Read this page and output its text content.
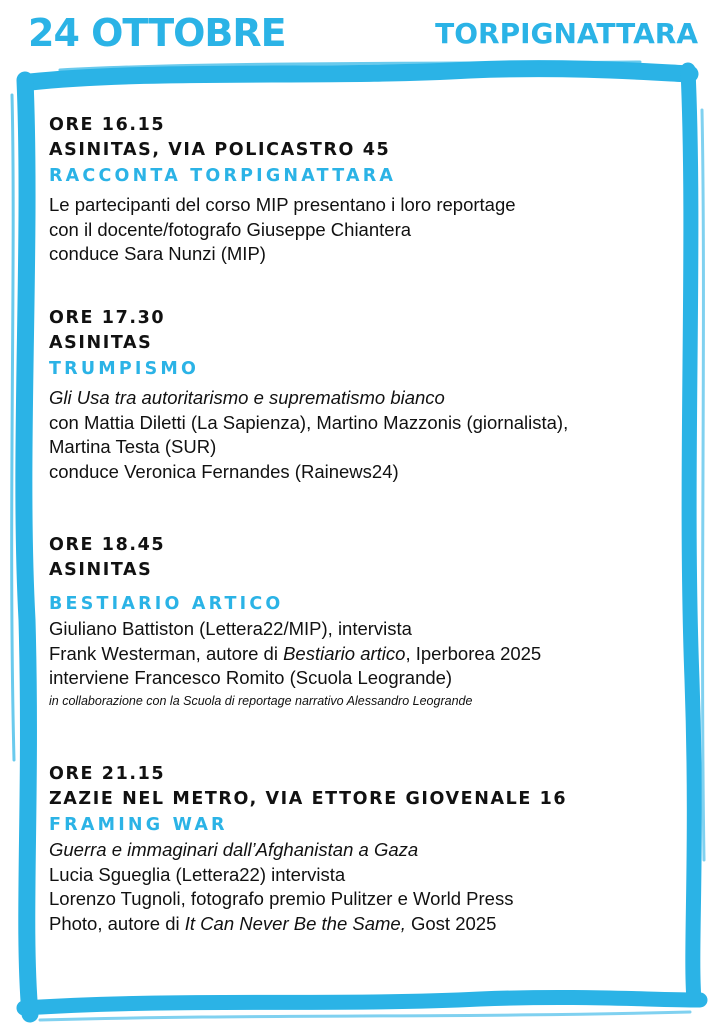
24 OTTOBRE	TORPIGNATTARA
ORE 16.15
ASINITAS, VIA POLICASTRO 45
RACCONTA TORPIGNATTARA
Le partecipanti del corso MIP presentano i loro reportage
con il docente/fotografo Giuseppe Chiantera
conduce Sara Nunzi (MIP)
ORE 17.30
ASINITAS
TRUMPISMO
Gli Usa tra autoritarismo e suprematismo bianco
con Mattia Diletti (La Sapienza), Martino Mazzonis (giornalista),
Martina Testa (SUR)
conduce Veronica Fernandes (Rainews24)
ORE 18.45
ASINITAS
BESTIARIO ARTICO
Giuliano Battiston (Lettera22/MIP), intervista
Frank Westerman, autore di Bestiario artico, Iperborea 2025
interviene Francesco Romito (Scuola Leogrande)
in collaborazione con la Scuola di reportage narrativo Alessandro Leogrande
ORE 21.15
ZAZIE NEL METRO, VIA ETTORE GIOVENALE 16
FRAMING WAR
Guerra e immaginari dall’Afghanistan a Gaza
Lucia Sgueglia (Lettera22) intervista
Lorenzo Tugnoli, fotografo premio Pulitzer e World Press
Photo, autore di It Can Never Be the Same, Gost 2025
